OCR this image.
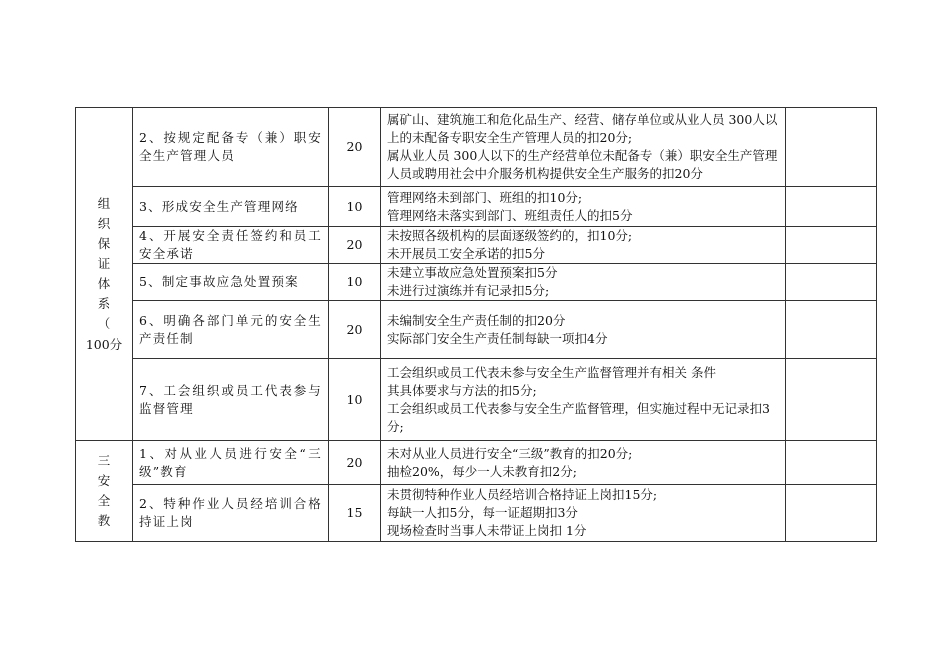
组织保证体系（
100分	2、按规定配备专（兼）职安全生产管理人员	20	属矿山、建筑施工和危化品生产、经营、储存单位或从业人员 300人以上的未配备专职安全生产管理人员的扣20分;
属从业人员 300人以下的生产经营单位未配备专（兼）职安全生产管理人员或聘用社会中介服务机构提供安全生产服务的扣20分	
	3、形成安全生产管理网络	10	管理网络未到部门、班组的扣10分;
管理网络未落实到部门、班组责任人的扣5分	
	4、开展安全责任签约和员工安全承诺	20	未按照各级机构的层面逐级签约的，扣10分;
未开展员工安全承诺的扣5分	
	5、制定事故应急处置预案	10	未建立事故应急处置预案扣5分
未进行过演练并有记录扣5分;	
	6、明确各部门单元的安全生产责任制	20	未编制安全生产责任制的扣20分
实际部门安全生产责任制每缺一项扣4分	
	7、工会组织或员工代表参与监督管理	10	工会组织或员工代表未参与安全生产监督管理并有相关 条件
其具体要求与方法的扣5分;
工会组织或员工代表参与安全生产监督管理，但实施过程中无记录扣3分;	
三安全教	1、对从业人员进行安全“三级”教育	20	未对从业人员进行安全“三级”教育的扣20分;
抽检20%，每少一人未教育扣2分;	
	2、特种作业人员经培训合格持证上岗	15	未贯彻特种作业人员经培训合格持证上岗扣15分;
每缺一人扣5分，每一证超期扣3分
现场检查时当事人未带证上岗扣 1分	
